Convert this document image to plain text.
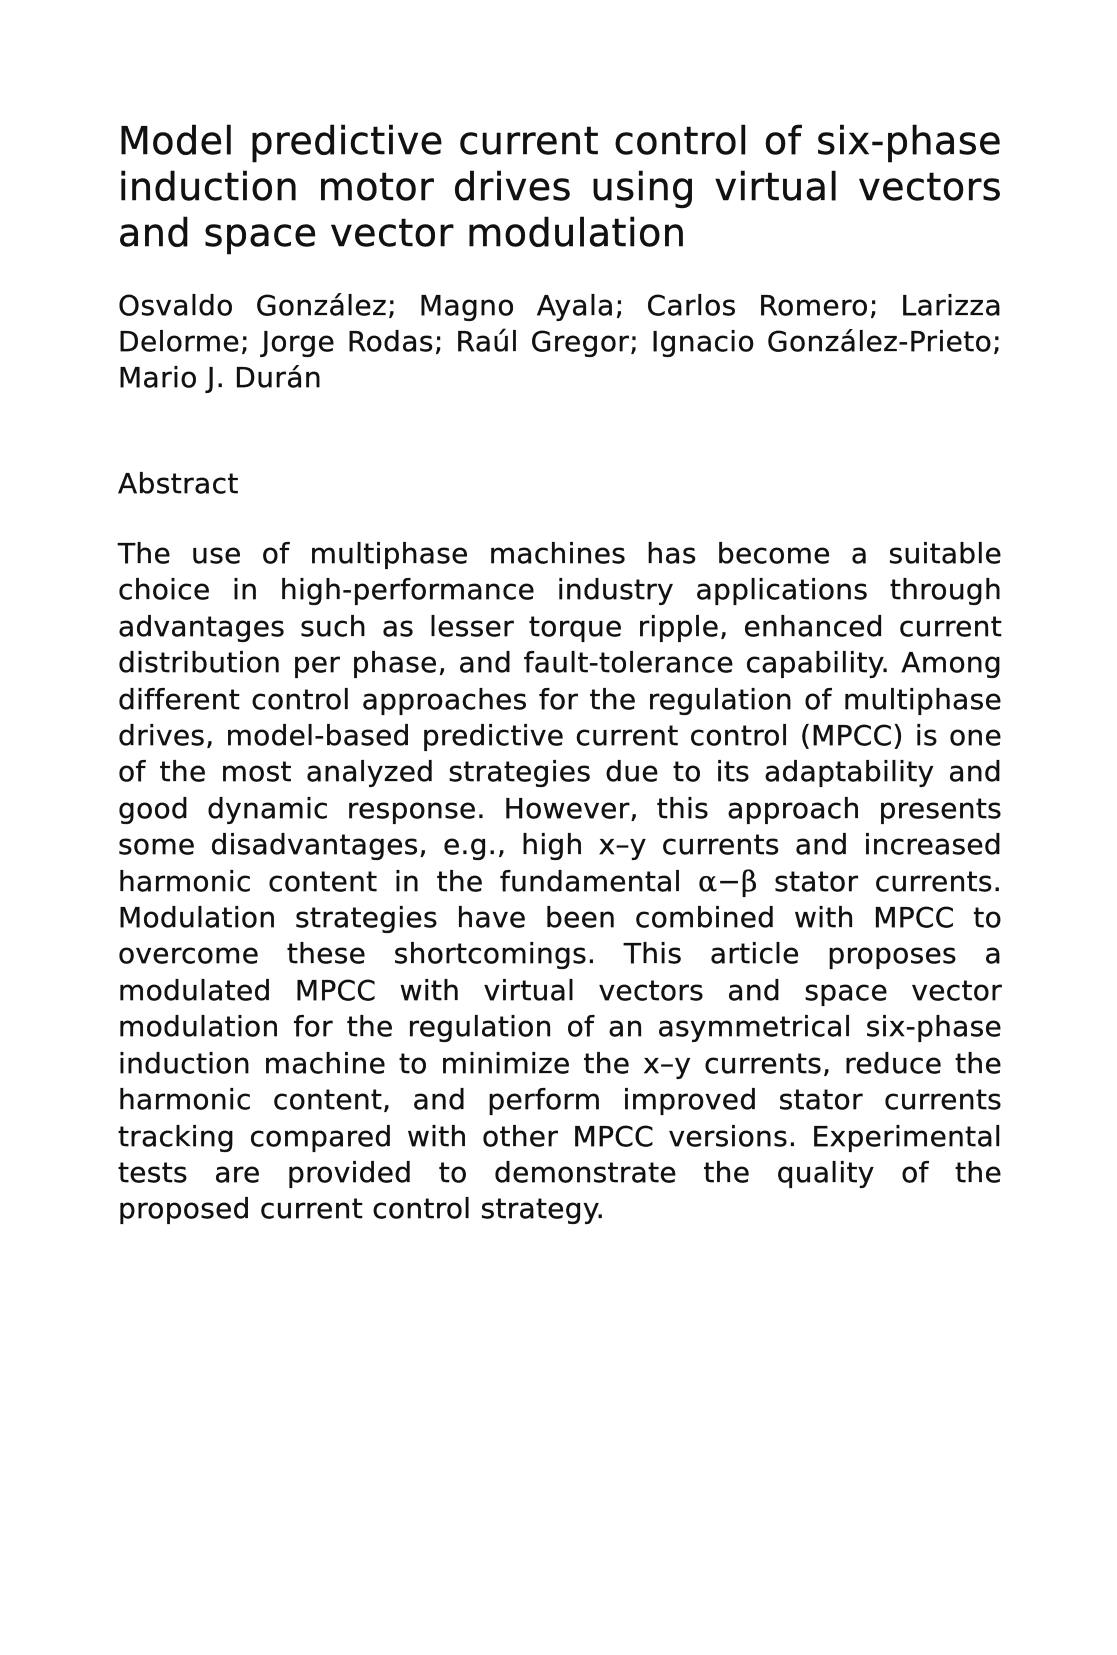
Model predictive current control of six-phase induction motor drives using virtual vectors and space vector modulation
Osvaldo González; Magno Ayala; Carlos Romero; Larizza Delorme; Jorge Rodas; Raúl Gregor; Ignacio González-Prieto; Mario J. Durán
Abstract

The use of multiphase machines has become a suitable choice in high-performance industry applications through advantages such as lesser torque ripple, enhanced current distribution per phase, and fault-tolerance capability. Among different control approaches for the regulation of multiphase drives, model-based predictive current control (MPCC) is one of the most analyzed strategies due to its adaptability and good dynamic response. However, this approach presents some disadvantages, e.g., high x–y currents and increased harmonic content in the fundamental α−β stator currents. Modulation strategies have been combined with MPCC to overcome these shortcomings. This article proposes a modulated MPCC with virtual vectors and space vector modulation for the regulation of an asymmetrical six-phase induction machine to minimize the x–y currents, reduce the harmonic content, and perform improved stator currents tracking compared with other MPCC versions. Experimental tests are provided to demonstrate the quality of the proposed current control strategy.
